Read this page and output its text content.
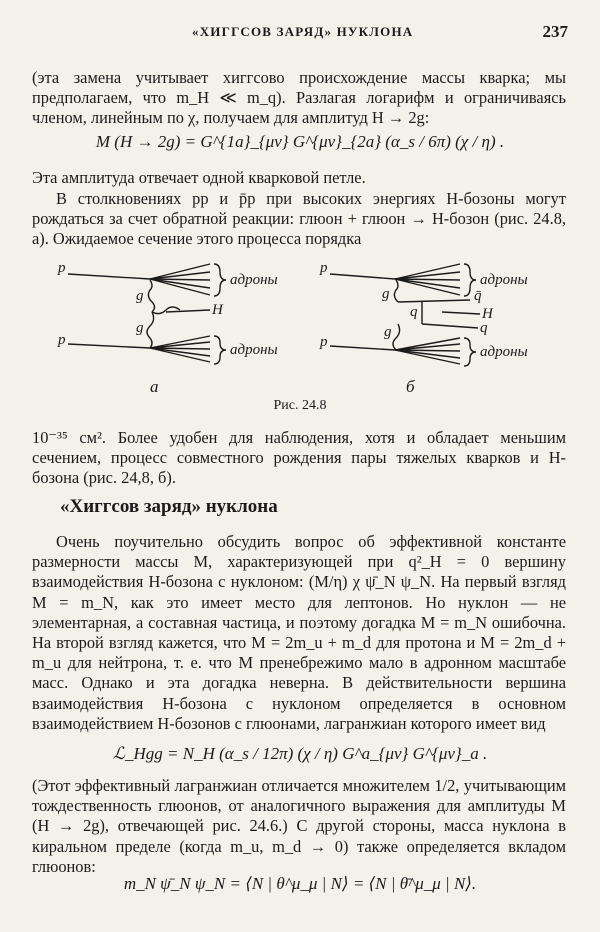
«ХИГГСОВ ЗАРЯД» НУКЛОНА	237

(эта замена учитывает хиггсово происхождение массы кварка; мы предполагаем, что m_H ≪ m_q). Разлагая логарифм и ограничиваясь членом, линейным по χ, получаем для амплитуд H → 2g:

M (H → 2g) = G^{1a}_{μν} G^{μν}_{2a} (α_s / 6π) (χ / η) .

Эта амплитуда отвечает одной кварковой петле.

В столкновениях pp и p̄p при высоких энергиях H-бозоны могут рождаться за счет обратной реакции: глюон + глюон → H-бозон (рис. 24.8, а). Ожидаемое сечение этого процесса порядка

p
g
H
g
p
адроны
адроны
p
g	q̄
q	H
q
g
p
адроны
адроны
а	б

Рис. 24.8

10⁻³⁵ см². Более удобен для наблюдения, хотя и обладает меньшим сечением, процесс совместного рождения пары тяжелых кварков и H-бозона (рис. 24,8, б).

«Хиггсов заряд» нуклона

Очень поучительно обсудить вопрос об эффективной константе размерности массы M, характеризующей при q²_H = 0 вершину взаимодействия H-бозона с нуклоном: (M/η) χ ψ̄_N ψ_N. На первый взгляд M = m_N, как это имеет место для лептонов. Но нуклон — не элементарная, а составная частица, и поэтому догадка M = m_N ошибочна. На второй взгляд кажется, что M = 2m_u + m_d для протона и M = 2m_d + m_u для нейтрона, т. е. что M пренебрежимо мало в адронном масштабе масс. Однако и эта догадка неверна. В действительности вершина взаимодействия H-бозона с нуклоном определяется в основном взаимодействием H-бозонов с глюонами, лагранжиан которого имеет вид

ℒ_Hgg = N_H (α_s / 12π) (χ / η) G^a_{μν} G^{μν}_a .

(Этот эффективный лагранжиан отличается множителем 1/2, учитывающим тождественность глюонов, от аналогичного выражения для амплитуды M (H → 2g), отвечающей рис. 24.6.) С другой стороны, масса нуклона в киральном пределе (когда m_u, m_d → 0) также определяется вкладом глюонов:

m_N ψ̄_N ψ_N = ⟨N | θ^μ_μ | N⟩ = ⟨N | θ̄^μ_μ | N⟩.
